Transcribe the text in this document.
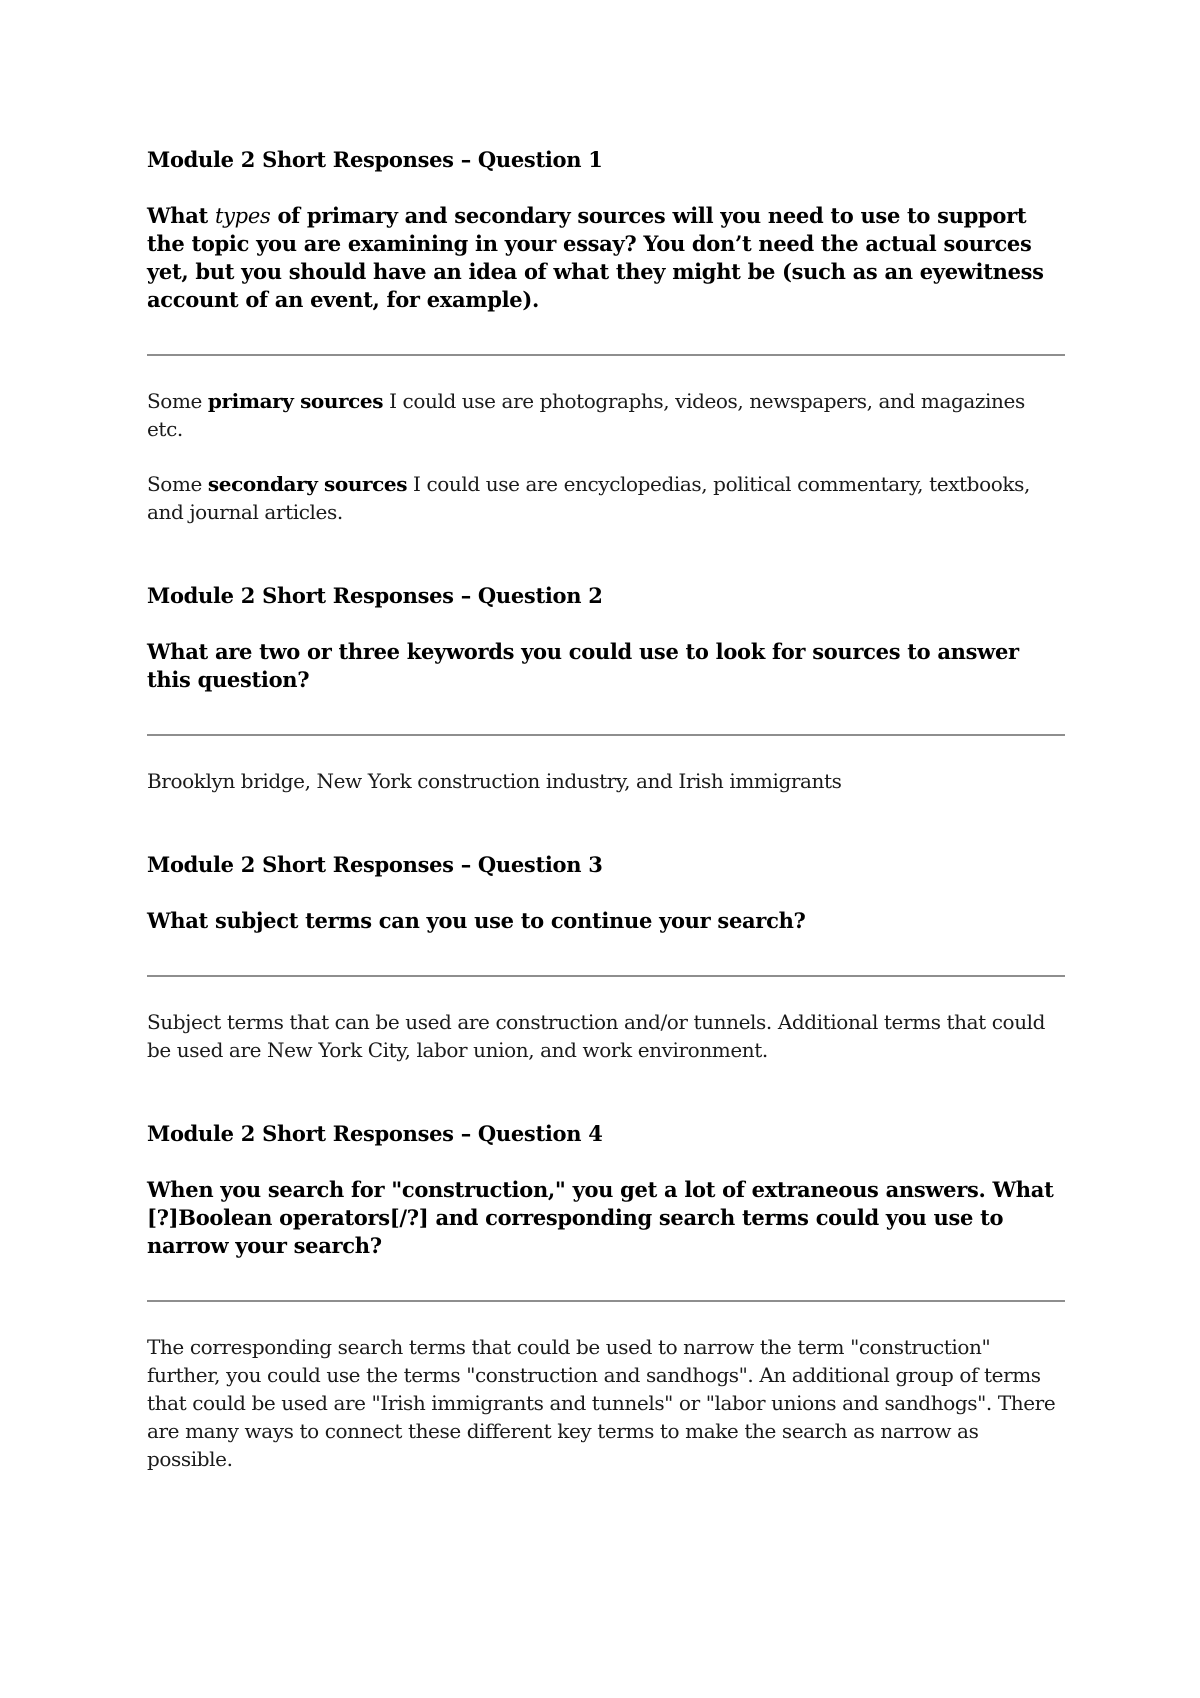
Module 2 Short Responses – Question 1

What types of primary and secondary sources will you need to use to support the topic you are examining in your essay? You don’t need the actual sources yet, but you should have an idea of what they might be (such as an eyewitness account of an event, for example).

Some primary sources I could use are photographs, videos, newspapers, and magazines etc.

Some secondary sources I could use are encyclopedias, political commentary, textbooks, and journal articles.

Module 2 Short Responses – Question 2

What are two or three keywords you could use to look for sources to answer this question?

Brooklyn bridge, New York construction industry, and Irish immigrants

Module 2 Short Responses – Question 3

What subject terms can you use to continue your search?

Subject terms that can be used are construction and/or tunnels. Additional terms that could be used are New York City, labor union, and work environment.

Module 2 Short Responses – Question 4

When you search for "construction," you get a lot of extraneous answers. What [?]Boolean operators[/?] and corresponding search terms could you use to narrow your search?

The corresponding search terms that could be used to narrow the term "construction" further, you could use the terms "construction and sandhogs". An additional group of terms that could be used are "Irish immigrants and tunnels" or "labor unions and sandhogs". There are many ways to connect these different key terms to make the search as narrow as possible.
